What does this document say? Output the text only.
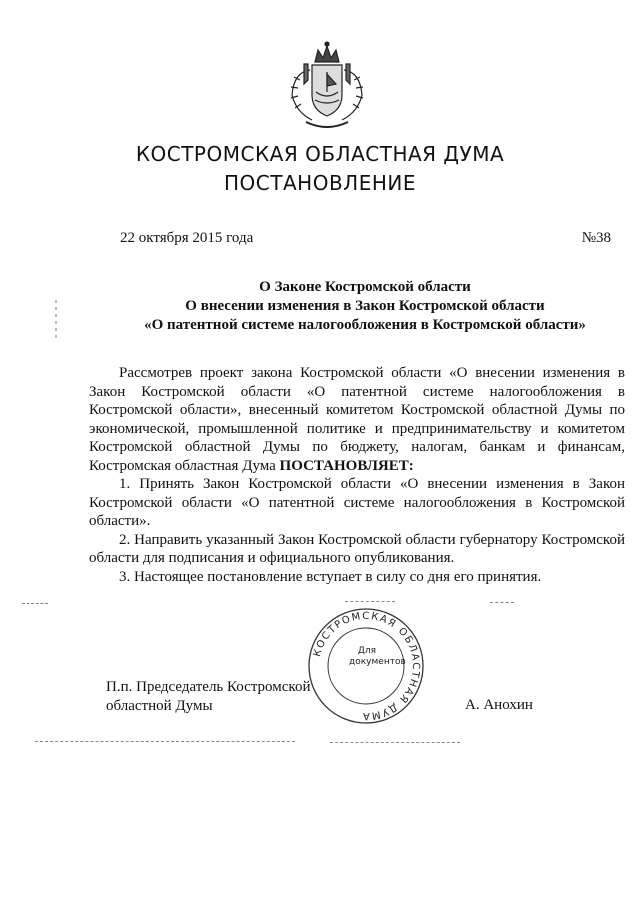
КОСТРОМСКАЯ ОБЛАСТНАЯ ДУМА
ПОСТАНОВЛЕНИЕ
22 октября 2015 года	№38
О Законе Костромской области
О внесении изменения в Закон Костромской области
«О патентной системе налогообложения в Костромской области»

Рассмотрев проект закона Костромской области «О внесении изменения в Закон Костромской области «О патентной системе налогообложения в Костромской области», внесенный комитетом Костромской областной Думы по экономической, промышленной политике и предпринимательству и комитетом Костромской областной Думы по бюджету, налогам, банкам и финансам, Костромская областная Дума ПОСТАНОВЛЯЕТ:

1. Принять Закон Костромской области «О внесении изменения в Закон Костромской области «О патентной системе налогообложения в Костромской области».

2. Направить указанный Закон Костромской области губернатору Костромской области для подписания и официального опубликования.

3. Настоящее постановление вступает в силу со дня его принятия.

КОСТРОМСКАЯ ОБЛАСТНАЯ ДУМА
Для
документов
П.п. Председатель Костромской
областной Думы	А. Анохин
